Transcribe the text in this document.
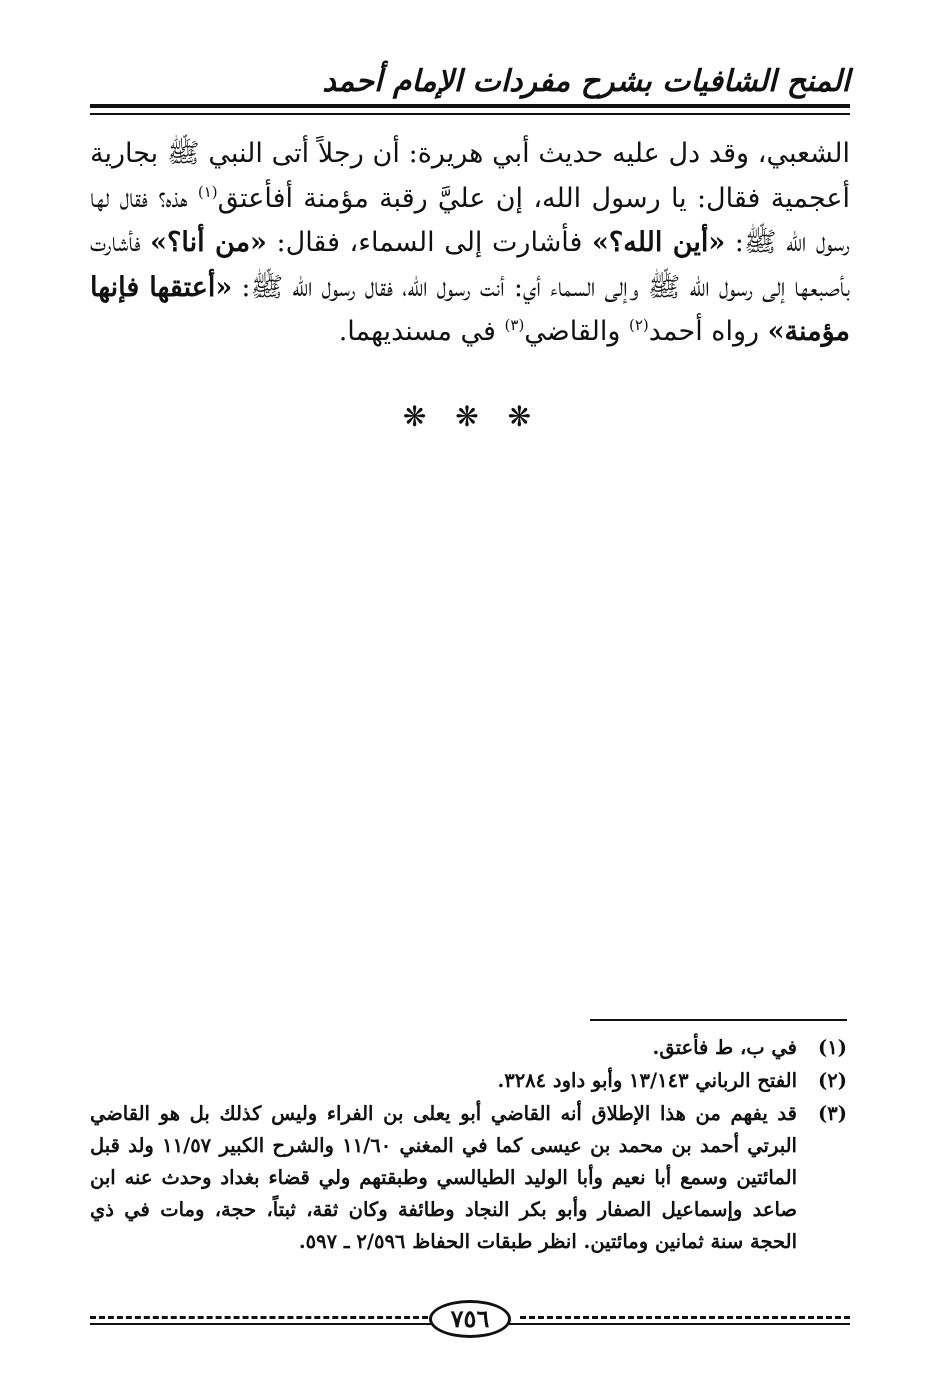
المنح الشافيات بشرح مفردات الإمام أحمد

الشعبي، وقد دل عليه حديث أبي هريرة: أن رجلاً أتى النبي ﷺ بجارية أعجمية فقال: يا رسول الله، إن عليَّ رقبة مؤمنة أفأعتق$^{(١)}$ هذه؟ فقال لها رسول الله ﷺ: «أين الله؟» فأشارت إلى السماء، فقال: «من أنا؟» فأشارت بأصبعها إلى رسول الله ﷺ وإلى السماء أي: أنت رسول الله، فقال رسول الله ﷺ: «أعتقها فإنها مؤمنة» رواه أحمد$^{(٢)}$ والقاضي$^{(٣)}$ في مسنديهما.

❋ ❋ ❋
(١)
في ب، ط فأعتق.
(٢)
الفتح الرباني ١٣/١٤٣ وأبو داود ٣٢٨٤.
(٣)
قد يفهم من هذا الإطلاق أنه القاضي أبو يعلى بن الفراء وليس كذلك بل هو القاضي البرتي أحمد بن محمد بن عيسى كما في المغني ١١/٦٠ والشرح الكبير ١١/٥٧ ولد قبل المائتين وسمع أبا نعيم وأبا الوليد الطيالسي وطبقتهم ولي قضاء بغداد وحدث عنه ابن صاعد وإسماعيل الصفار وأبو بكر النجاد وطائفة وكان ثقة، ثبتاً، حجة، ومات في ذي الحجة سنة ثمانين ومائتين. انظر طبقات الحفاظ ٢/٥٩٦ ـ ٥٩٧.
٧٥٦
